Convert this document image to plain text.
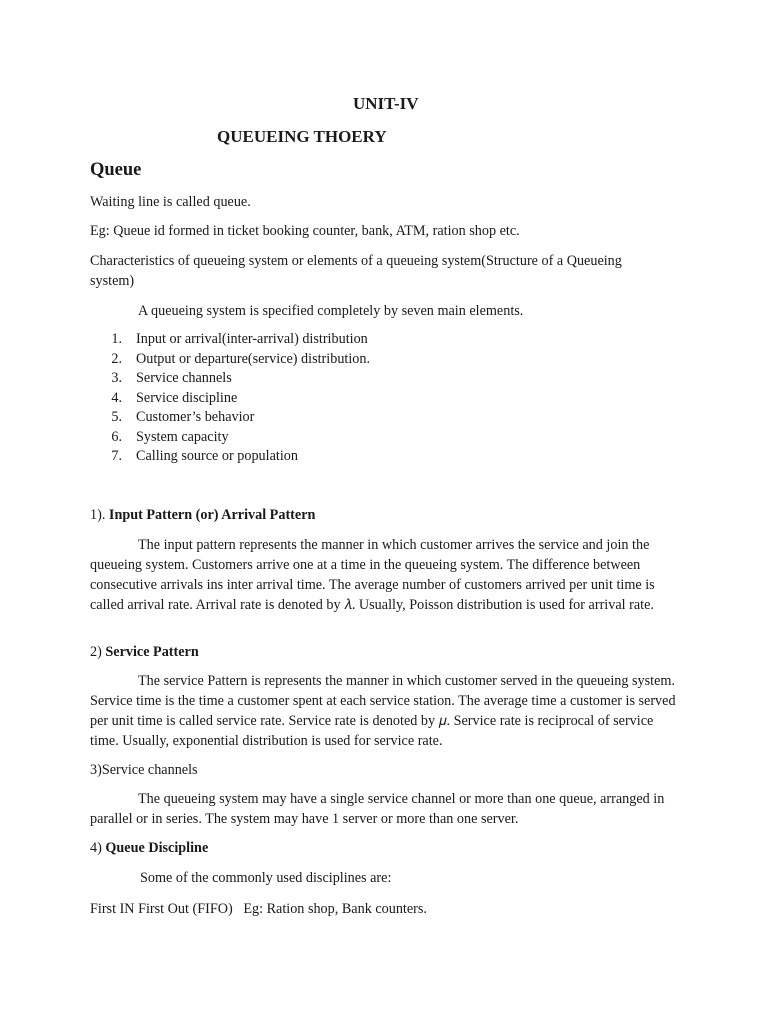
UNIT-IV
QUEUEING THOERY
Queue

Waiting line is called queue.

Eg: Queue id formed in ticket booking counter, bank, ATM, ration shop etc.

Characteristics of queueing system or elements of a queueing system(Structure of a Queueing

system)

A queueing system is specified completely by seven main elements.

1. Input or arrival(inter-arrival) distribution
2. Output or departure(service) distribution.
3. Service channels
4. Service discipline
5. Customer’s behavior
6. System capacity
7. Calling source or population

1). Input Pattern (or) Arrival Pattern

The input pattern represents the manner in which customer arrives the service and join the queueing system. Customers arrive one at a time in the queueing system. The difference between consecutive arrivals ins inter arrival time. The average number of customers arrived per unit time is called arrival rate. Arrival rate is denoted by 𝜆. Usually, Poisson distribution is used for arrival rate.

2) Service Pattern

The service Pattern is represents the manner in which customer served in the queueing system. Service time is the time a customer spent at each service station. The average time a customer is served per unit time is called service rate. Service rate is denoted by 𝜇. Service rate is reciprocal of service time. Usually, exponential distribution is used for service rate.

3)Service channels

The queueing system may have a single service channel or more than one queue, arranged in parallel or in series. The system may have 1 server or more than one server.

4) Queue Discipline

Some of the commonly used disciplines are:

First IN First Out (FIFO)   Eg: Ration shop, Bank counters.
